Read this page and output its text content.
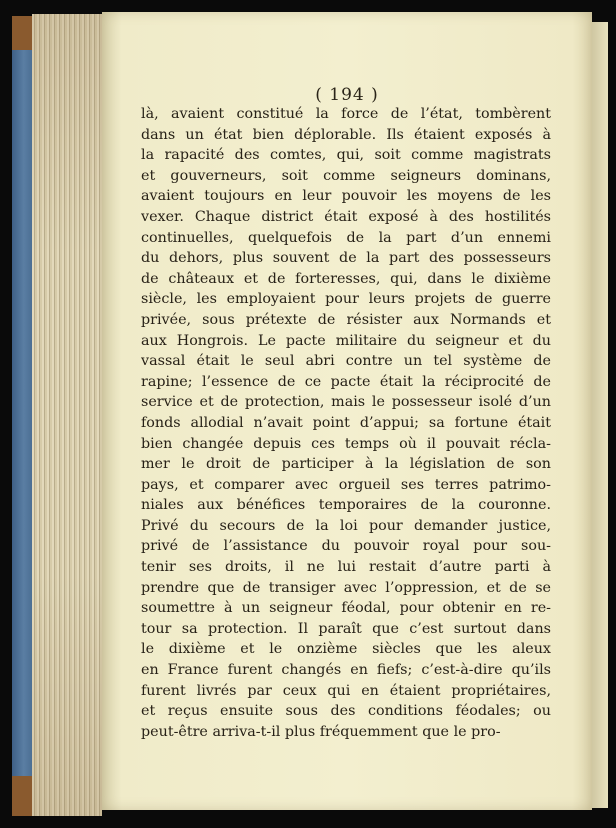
( 194 )

là, avaient constitué la force de l’état, tombèrent
dans un état bien déplorable. Ils étaient exposés à
la rapacité des comtes, qui, soit comme magistrats
et gouverneurs, soit comme seigneurs dominans,
avaient toujours en leur pouvoir les moyens de les
vexer. Chaque district était exposé à des hostilités
continuelles, quelquefois de la part d’un ennemi
du dehors, plus souvent de la part des possesseurs
de châteaux et de forteresses, qui, dans le dixième
siècle, les employaient pour leurs projets de guerre
privée, sous prétexte de résister aux Normands et
aux Hongrois. Le pacte militaire du seigneur et du
vassal était le seul abri contre un tel système de
rapine; l’essence de ce pacte était la réciprocité de
service et de protection, mais le possesseur isolé d’un
fonds allodial n’avait point d’appui; sa fortune était
bien changée depuis ces temps où il pouvait récla-
mer le droit de participer à la législation de son
pays, et comparer avec orgueil ses terres patrimo-
niales aux bénéfices temporaires de la couronne.
Privé du secours de la loi pour demander justice,
privé de l’assistance du pouvoir royal pour sou-
tenir ses droits, il ne lui restait d’autre parti à
prendre que de transiger avec l’oppression, et de se
soumettre à un seigneur féodal, pour obtenir en re-
tour sa protection. Il paraît que c’est surtout dans
le dixième et le onzième siècles que les aleux
en France furent changés en fiefs; c’est-à-dire qu’ils
furent livrés par ceux qui en étaient propriétaires,
et reçus ensuite sous des conditions féodales; ou
peut-être arriva-t-il plus fréquemment que le pro-
